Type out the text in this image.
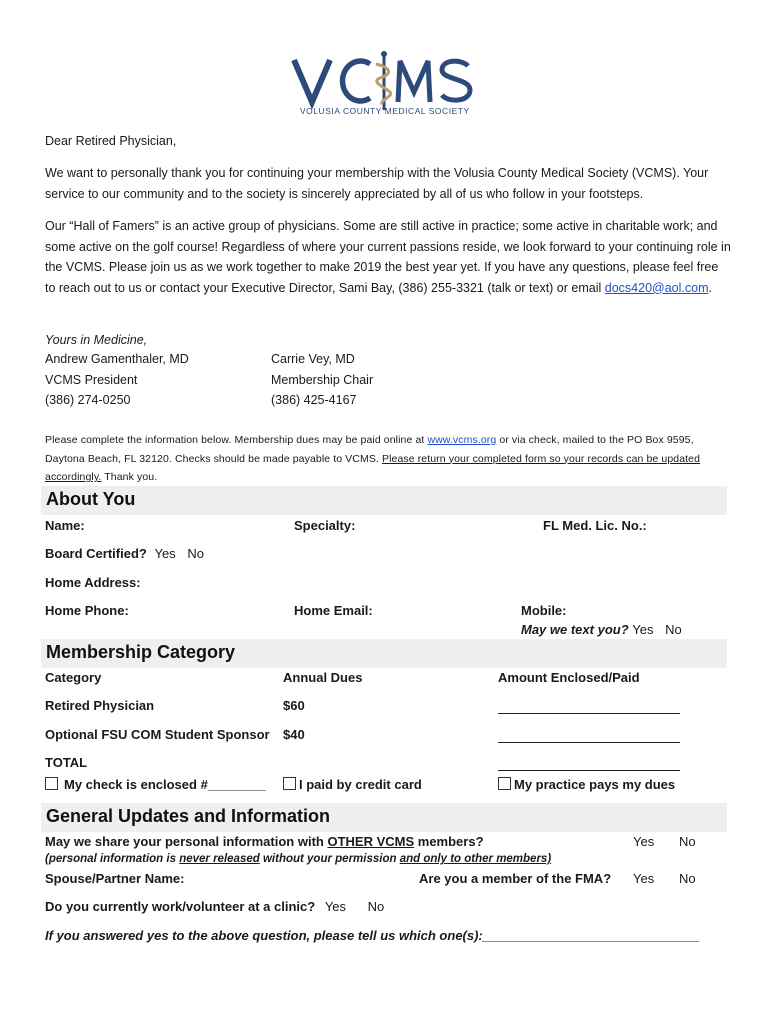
VOLUSIA COUNTY MEDICAL SOCIETY
Dear Retired Physician,
We want to personally thank you for continuing your membership with the Volusia County Medical Society (VCMS). Your service to our community and to the society is sincerely appreciated by all of us who follow in your footsteps.
Our “Hall of Famers” is an active group of physicians. Some are still active in practice; some active in charitable work; and some active on the golf course! Regardless of where your current passions reside, we look forward to your continuing role in the VCMS. Please join us as we work together to make 2019 the best year yet. If you have any questions, please feel free to reach out to us or contact your Executive Director, Sami Bay, (386) 255-3321 (talk or text) or email docs420@aol.com.
Yours in Medicine,
Andrew Gamenthaler, MD
VCMS President
(386) 274-0250
Carrie Vey, MD
Membership Chair
(386) 425-4167
Please complete the information below. Membership dues may be paid online at www.vcms.org or via check, mailed to the PO Box 9595, Daytona Beach, FL 32120. Checks should be made payable to VCMS. Please return your completed form so your records can be updated accordingly. Thank you.
About You
Name:	Specialty:	FL Med. Lic. No.:
Board Certified? Yes No
Home Address:
Home Phone:	Home Email:	Mobile:
May we text you? Yes No
Membership Category
Category	Annual Dues	Amount Enclosed/Paid
Retired Physician	$60
Optional FSU COM Student Sponsor $40
TOTAL
My check is enclosed #________	I paid by credit card	My practice pays my dues
General Updates and Information
May we share your personal information with OTHER VCMS members?	Yes No
(personal information is never released without your permission and only to other members)
Spouse/Partner Name:	Are you a member of the FMA? Yes No
Do you currently work/volunteer at a clinic? Yes No
If you answered yes to the above question, please tell us which one(s):______________________________
